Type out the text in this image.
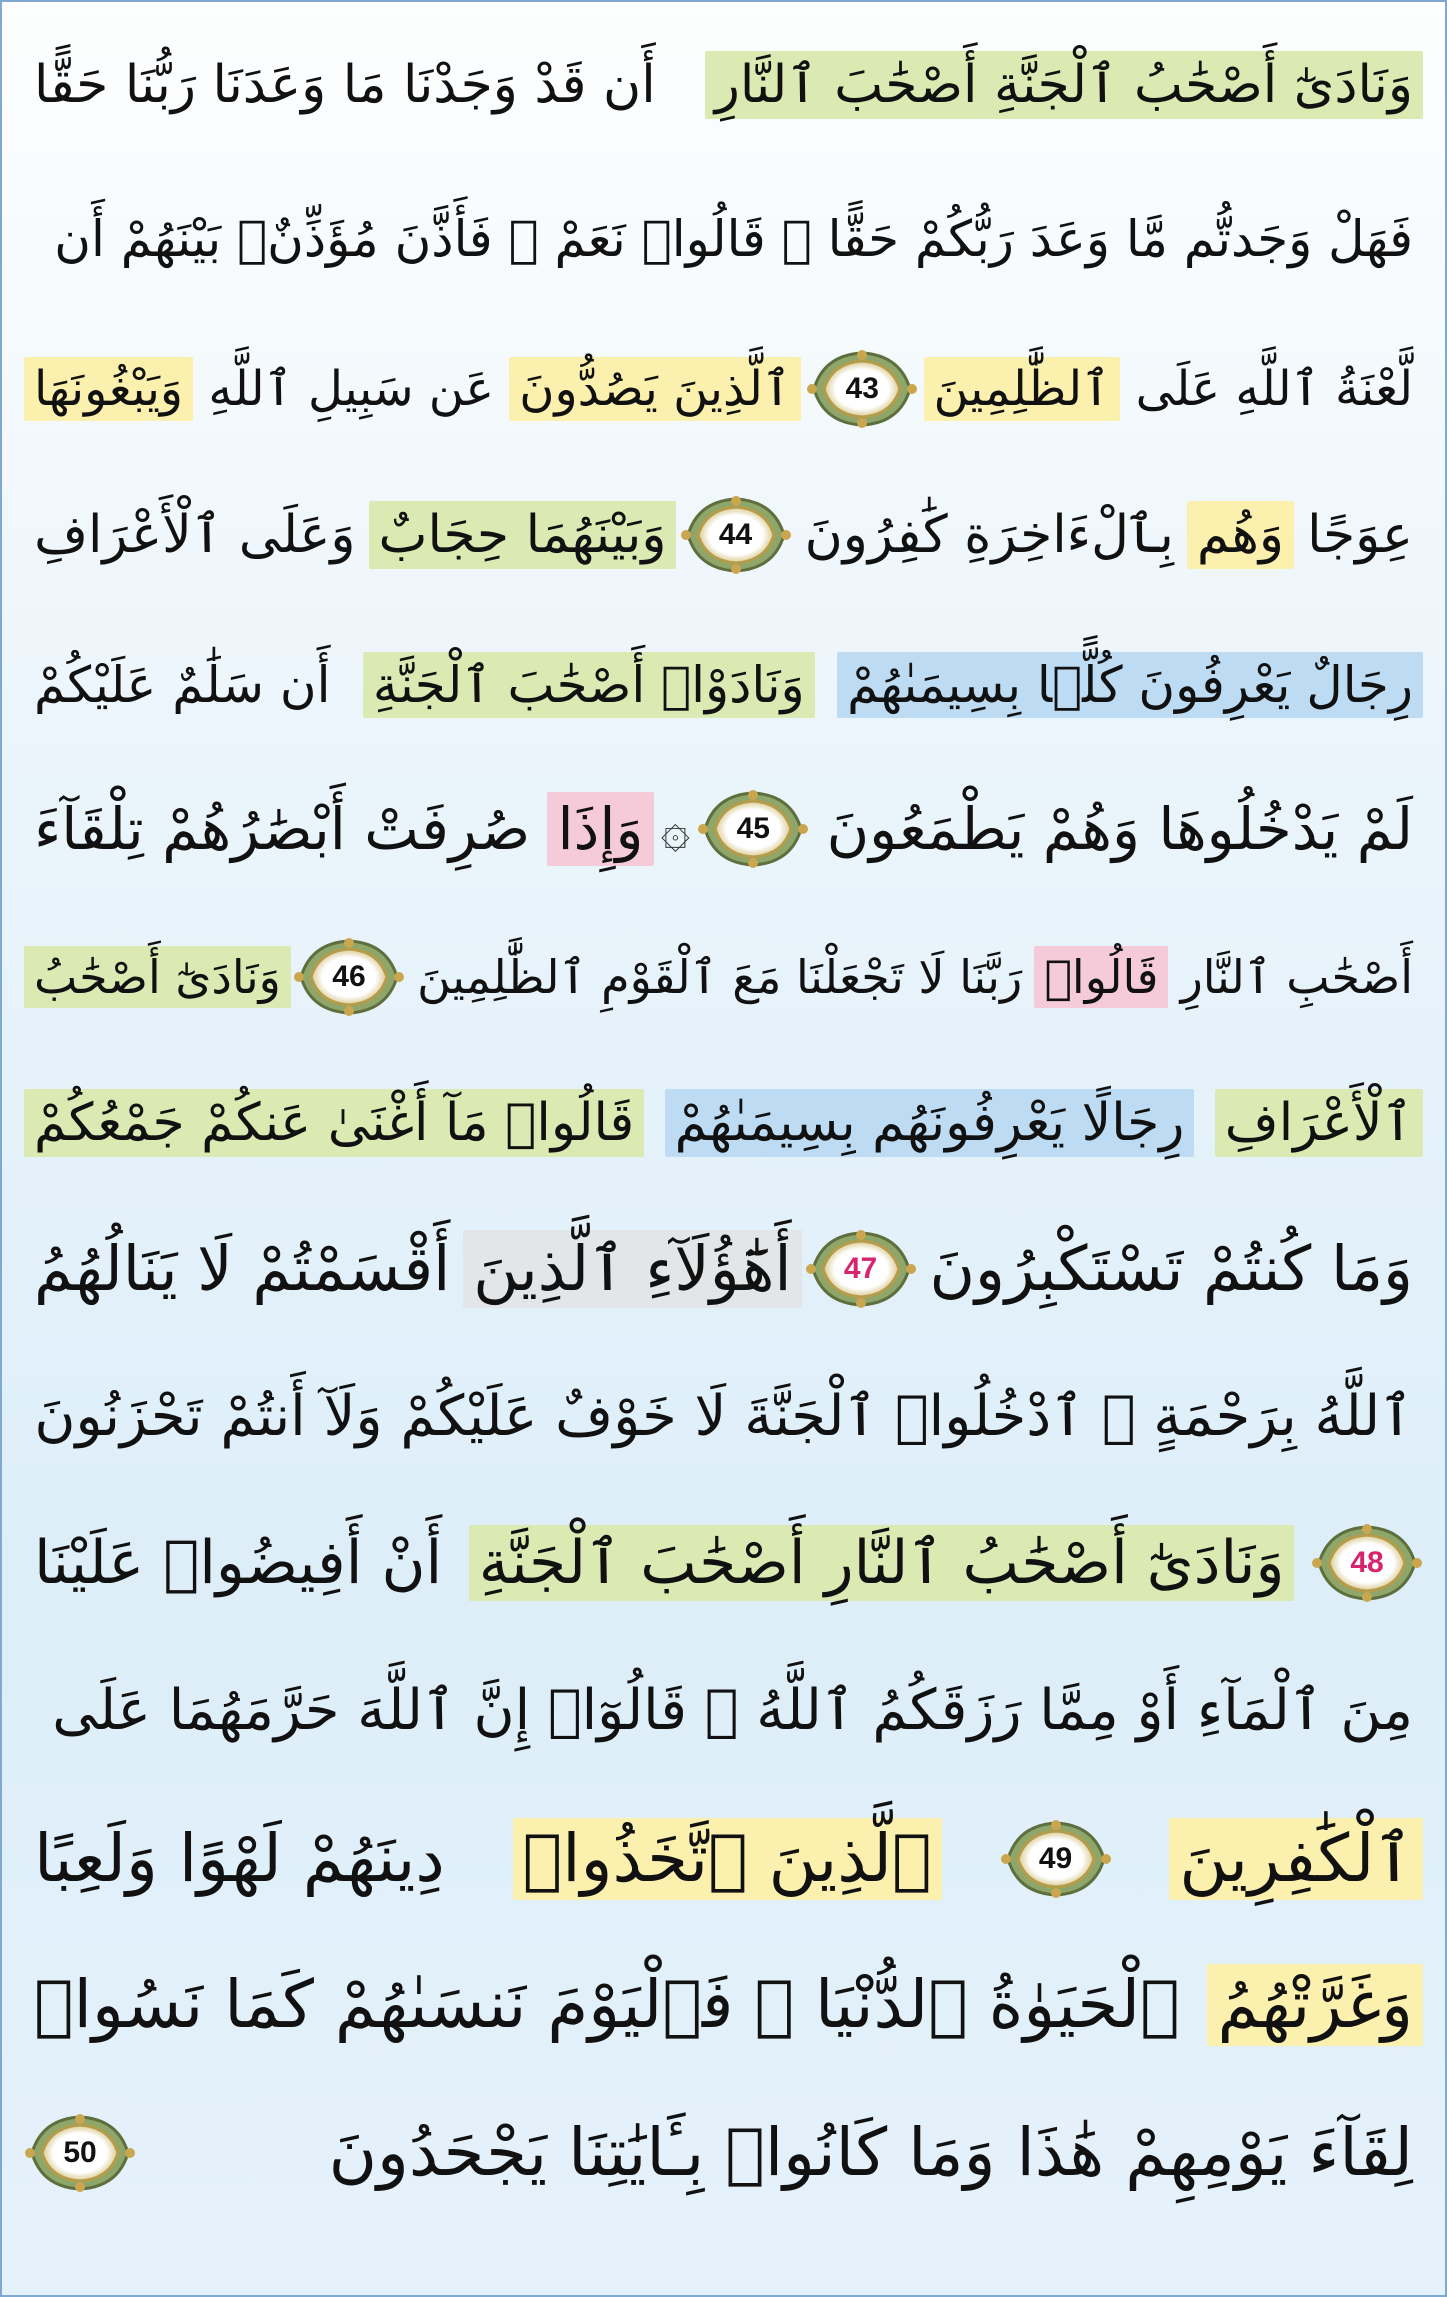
وَنَادَىٰٓ أَصْحَٰبُ ٱلْجَنَّةِ أَصْحَٰبَ ٱلنَّارِ
أَن قَدْ وَجَدْنَا مَا وَعَدَنَا رَبُّنَا حَقًّا
فَهَلْ وَجَدتُّم مَّا وَعَدَ رَبُّكُمْ حَقًّا ۖ قَالُوا۟ نَعَمْ ۚ فَأَذَّنَ مُؤَذِّنٌۢ بَيْنَهُمْ أَن
لَّعْنَةُ ٱللَّهِ عَلَى
ٱلظَّٰلِمِينَ
43
ٱلَّذِينَ يَصُدُّونَ
عَن سَبِيلِ ٱللَّهِ
وَيَبْغُونَهَا
عِوَجًا
وَهُم
بِٱلْءَاخِرَةِ كَٰفِرُونَ
44
وَبَيْنَهُمَا حِجَابٌ
وَعَلَى ٱلْأَعْرَافِ
رِجَالٌ يَعْرِفُونَ كُلًّۢا بِسِيمَىٰهُمْ
وَنَادَوْا۟ أَصْحَٰبَ ٱلْجَنَّةِ
أَن سَلَٰمٌ عَلَيْكُمْ
لَمْ يَدْخُلُوهَا وَهُمْ يَطْمَعُونَ
45
۞
وَإِذَا
صُرِفَتْ أَبْصَٰرُهُمْ تِلْقَآءَ
أَصْحَٰبِ ٱلنَّارِ
قَالُوا۟
رَبَّنَا لَا تَجْعَلْنَا مَعَ ٱلْقَوْمِ ٱلظَّٰلِمِينَ
46
وَنَادَىٰٓ أَصْحَٰبُ
ٱلْأَعْرَافِ
رِجَالًا يَعْرِفُونَهُم بِسِيمَىٰهُمْ
قَالُوا۟ مَآ أَغْنَىٰ عَنكُمْ جَمْعُكُمْ
وَمَا كُنتُمْ تَسْتَكْبِرُونَ
47
أَهَٰٓؤُلَآءِ ٱلَّذِينَ
أَقْسَمْتُمْ لَا يَنَالُهُمُ
ٱللَّهُ بِرَحْمَةٍ ۚ ٱدْخُلُوا۟ ٱلْجَنَّةَ لَا خَوْفٌ عَلَيْكُمْ وَلَآ أَنتُمْ تَحْزَنُونَ
48
وَنَادَىٰٓ أَصْحَٰبُ ٱلنَّارِ أَصْحَٰبَ ٱلْجَنَّةِ
أَنْ أَفِيضُوا۟ عَلَيْنَا
مِنَ ٱلْمَآءِ أَوْ مِمَّا رَزَقَكُمُ ٱللَّهُ ۚ قَالُوٓا۟ إِنَّ ٱللَّهَ حَرَّمَهُمَا عَلَى
ٱلْكَٰفِرِينَ
49
ٱلَّذِينَ ٱتَّخَذُوا۟
دِينَهُمْ لَهْوًا وَلَعِبًا
وَغَرَّتْهُمُ
ٱلْحَيَوٰةُ ٱلدُّنْيَا ۚ فَٱلْيَوْمَ نَنسَىٰهُمْ كَمَا نَسُوا۟
لِقَآءَ يَوْمِهِمْ هَٰذَا وَمَا كَانُوا۟ بِـَٔايَٰتِنَا يَجْحَدُونَ
50
